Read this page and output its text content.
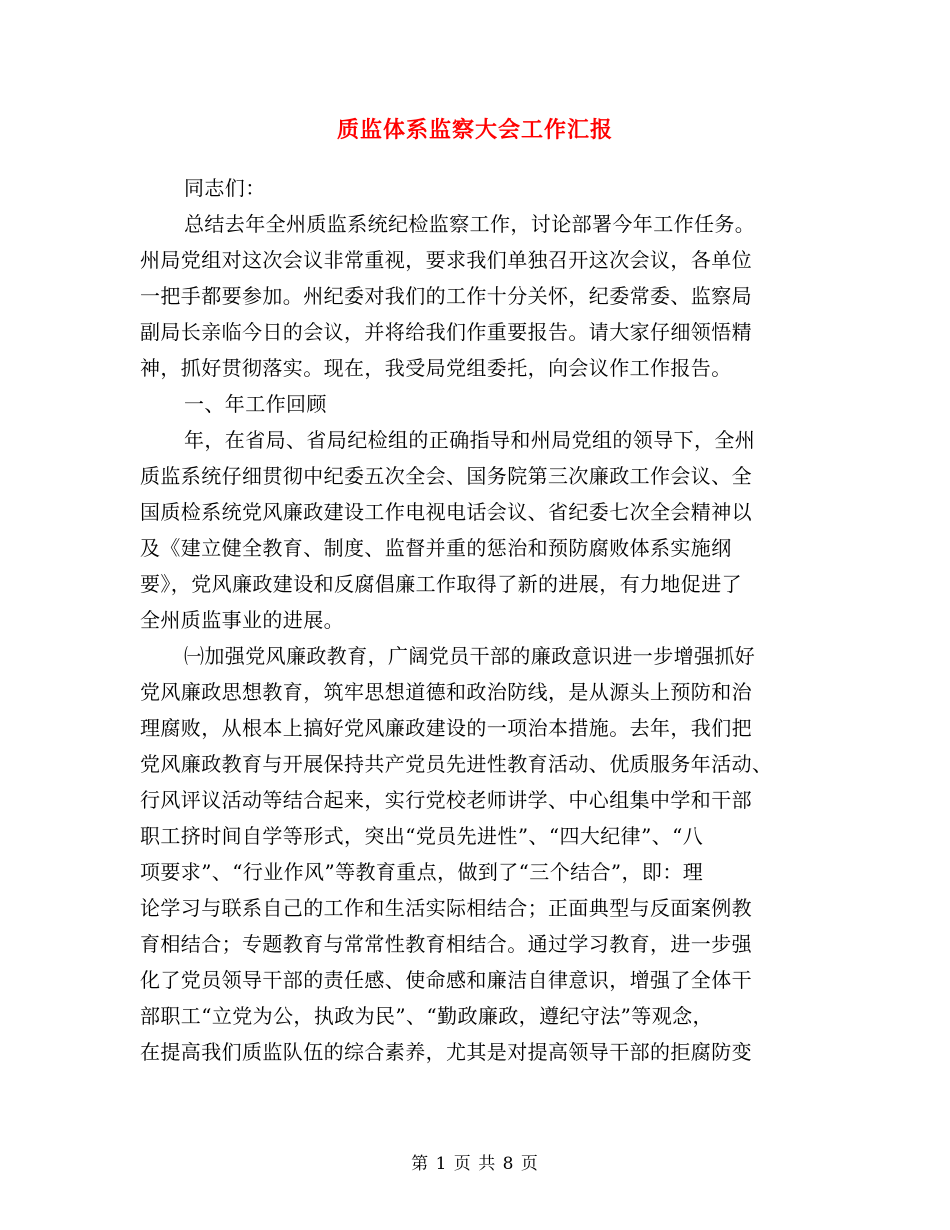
质监体系监察大会工作汇报
同志们：
总结去年全州质监系统纪检监察工作，讨论部署今年工作任务。
州局党组对这次会议非常重视，要求我们单独召开这次会议，各单位
一把手都要参加。州纪委对我们的工作十分关怀，纪委常委、监察局
副局长亲临今日的会议，并将给我们作重要报告。请大家仔细领悟精
神，抓好贯彻落实。现在，我受局党组委托，向会议作工作报告。
一、年工作回顾
年，在省局、省局纪检组的正确指导和州局党组的领导下，全州
质监系统仔细贯彻中纪委五次全会、国务院第三次廉政工作会议、全
国质检系统党风廉政建设工作电视电话会议、省纪委七次全会精神以
及《建立健全教育、制度、监督并重的惩治和预防腐败体系实施纲
要》，党风廉政建设和反腐倡廉工作取得了新的进展，有力地促进了
全州质监事业的进展。
㈠加强党风廉政教育，广阔党员干部的廉政意识进一步增强抓好
党风廉政思想教育，筑牢思想道德和政治防线，是从源头上预防和治
理腐败，从根本上搞好党风廉政建设的一项治本措施。去年，我们把
党风廉政教育与开展保持共产党员先进性教育活动、优质服务年活动、
行风评议活动等结合起来，实行党校老师讲学、中心组集中学和干部
职工挤时间自学等形式，突出“党员先进性”、“四大纪律”、“八
项要求”、“行业作风”等教育重点，做到了“三个结合”，即：理
论学习与联系自己的工作和生活实际相结合；正面典型与反面案例教
育相结合；专题教育与常常性教育相结合。通过学习教育，进一步强
化了党员领导干部的责任感、使命感和廉洁自律意识，增强了全体干
部职工“立党为公，执政为民”、“勤政廉政，遵纪守法”等观念，
在提高我们质监队伍的综合素养，尤其是对提高领导干部的拒腐防变
第 1 页 共 8 页
